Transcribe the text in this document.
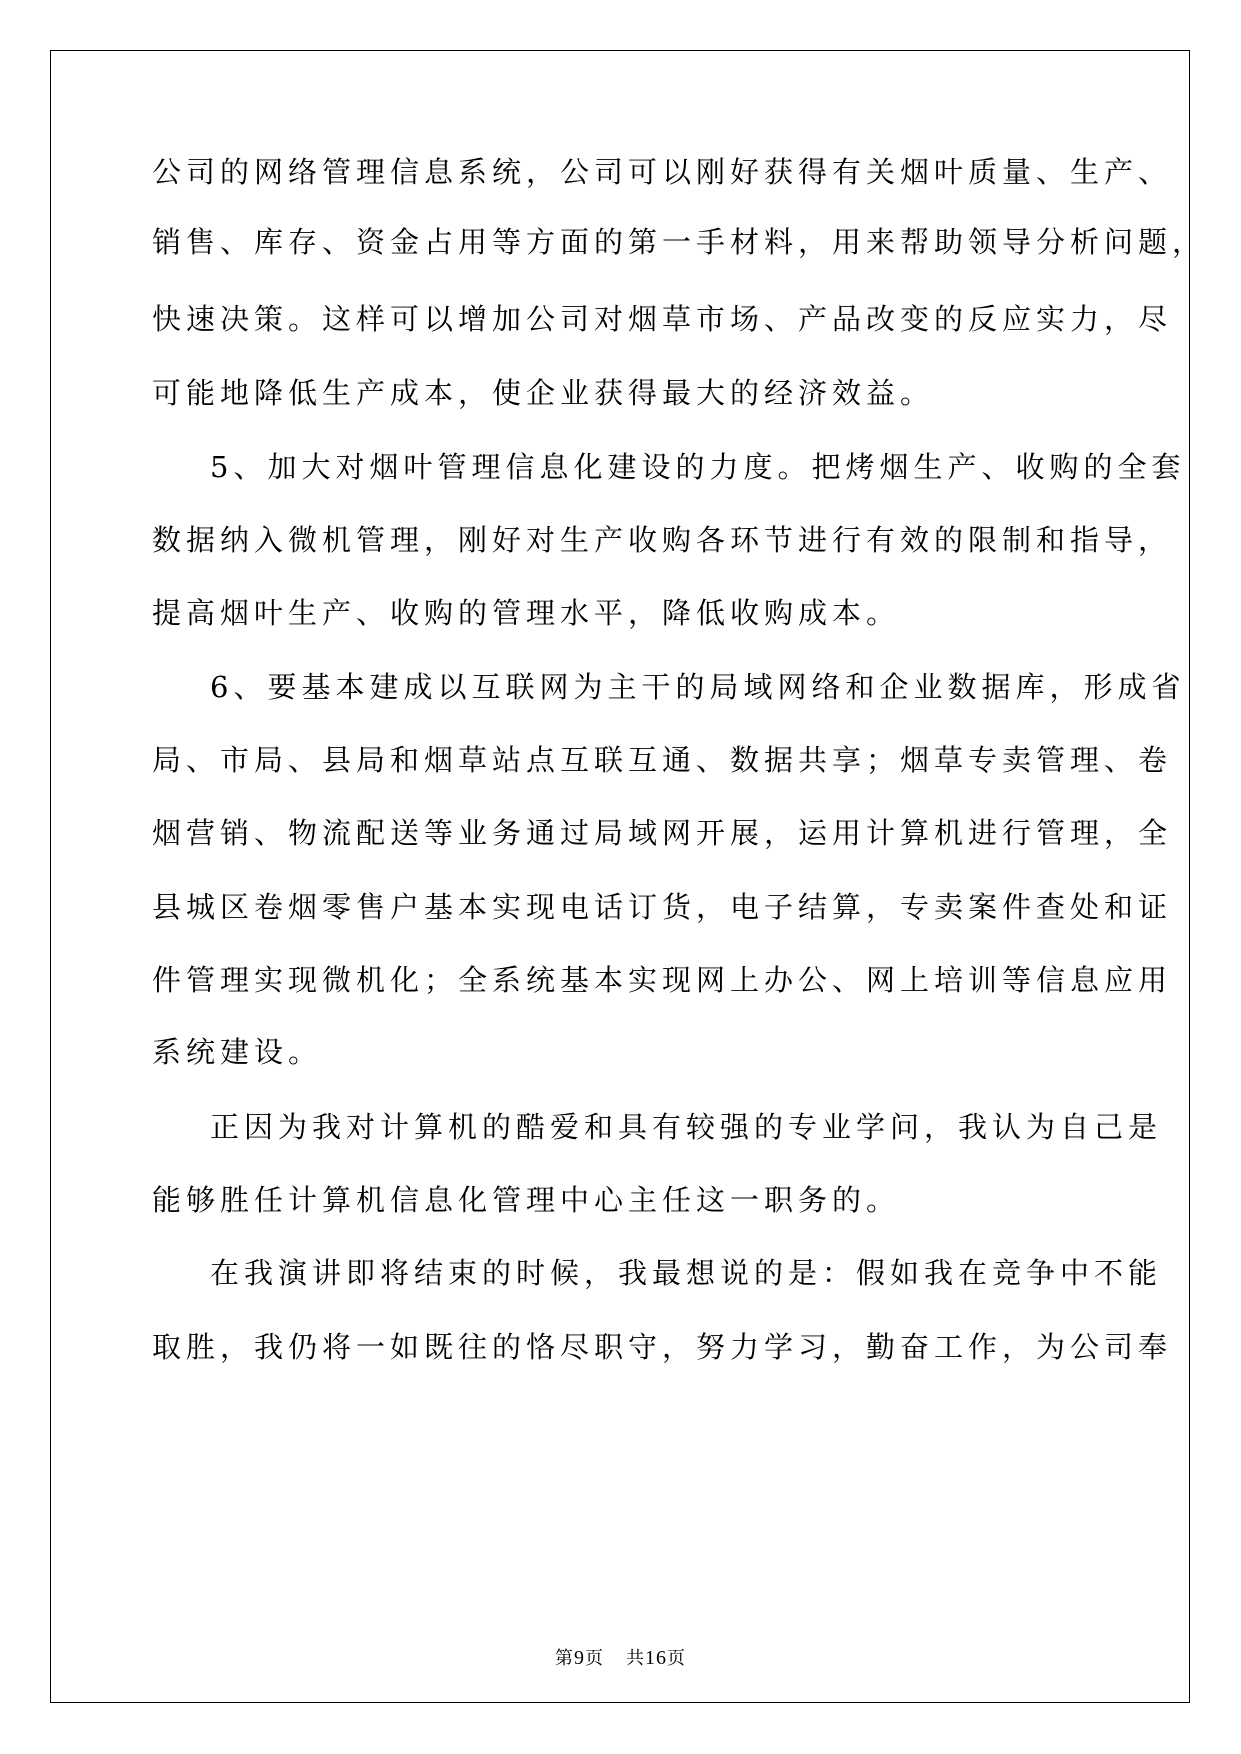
公司的网络管理信息系统，公司可以刚好获得有关烟叶质量、生产、
销售、库存、资金占用等方面的第一手材料，用来帮助领导分析问题，
快速决策。这样可以增加公司对烟草市场、产品改变的反应实力，尽
可能地降低生产成本，使企业获得最大的经济效益。
5、加大对烟叶管理信息化建设的力度。把烤烟生产、收购的全套
数据纳入微机管理，刚好对生产收购各环节进行有效的限制和指导，
提高烟叶生产、收购的管理水平，降低收购成本。
6、要基本建成以互联网为主干的局域网络和企业数据库，形成省
局、市局、县局和烟草站点互联互通、数据共享；烟草专卖管理、卷
烟营销、物流配送等业务通过局域网开展，运用计算机进行管理，全
县城区卷烟零售户基本实现电话订货，电子结算，专卖案件查处和证
件管理实现微机化；全系统基本实现网上办公、网上培训等信息应用
系统建设。
正因为我对计算机的酷爱和具有较强的专业学问，我认为自己是
能够胜任计算机信息化管理中心主任这一职务的。
在我演讲即将结束的时候，我最想说的是：假如我在竞争中不能
取胜，我仍将一如既往的恪尽职守，努力学习，勤奋工作，为公司奉
第9页 共16页
